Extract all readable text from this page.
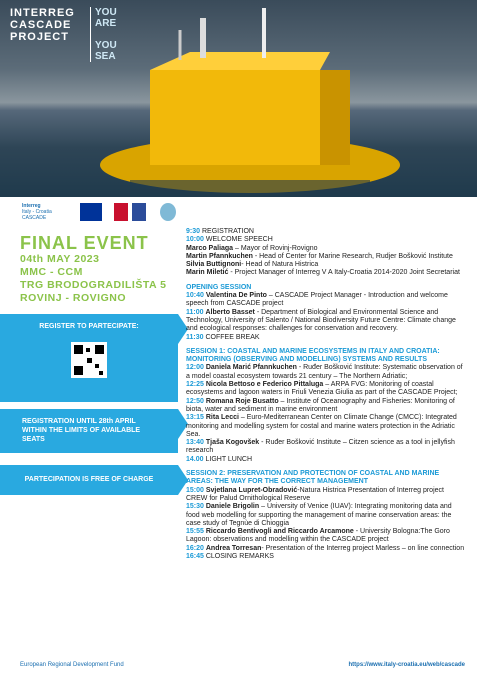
INTERREG
CASCADE
PROJECT
YOU ARE

YOU SEA
Interreg
Italy - Croatia
CASCADE
FINAL EVENT
04th MAY 2023
MMC - CCM
TRG BRODOGRADILIŠTA 5
ROVINJ - ROVIGNO
REGISTER TO PARTECIPATE:
REGISTRATION UNTIL 28th APRIL WITHIN THE LIMITS OF AVAILABLE SEATS
PARTECIPATION IS FREE OF CHARGE
9:30 REGISTRATION
10:00 WELCOME SPEECH
Marco Paliaga – Mayor of Rovinj-Rovigno
Martin Pfannkuchen - Head of Center for Marine Research, Rudjer Bošković Institute
Silvia Buttignoni- Head of Natura Histrica
Marin Miletić - Project Manager of Interreg V A Italy-Croatia 2014-2020 Joint Secretariat
OPENING SESSION
10:40 Valentina De Pinto – CASCADE Project Manager - Introduction and welcome speech from CASCADE project
11:00 Alberto Basset - Department of Biological and Environmental Science and Technology, University of Salento / National Biodiversity Future Centre: Climate change and ecological responses: challenges for conservation and recovery.
11:30 COFFEE BREAK
SESSION 1: COASTAL AND MARINE ECOSYSTEMS IN ITALY AND CROATIA: MONITORING (OBSERVING AND MODELLING) SYSTEMS AND RESULTS
12:00 Daniela Marić Pfannkuchen - Ruđer Bošković Institute: Systematic observation of a model coastal ecosystem towards 21 century – The Northern Adriatic;
12:25 Nicola Bettoso e Federico Pittaluga – ARPA FVG: Monitoring of coastal ecosystems and lagoon waters in Friuli Venezia Giulia as part of the CASCADE Project;
12:50 Romana Roje Busatto – Institute of Oceanography and Fisheries: Monitoring of biota, water and sediment in marine environment
13:15 Rita Lecci – Euro-Mediterranean Center on Climate Change (CMCC): Integrated monitoring and modelling system for costal and marine waters protection in the Adriatic Sea.
13:40 Tjaša Kogovšek - Ruđer Bošković Institute – Citzen science as a tool in jellyfish research
14.00 LIGHT LUNCH
SESSION 2: PRESERVATION AND PROTECTION OF COASTAL AND MARINE AREAS: THE WAY FOR THE CORRECT MANAGEMENT
15:00 Svjetlana Lupret-Obradović-Natura Histrica Presentation of Interreg project CREW for Palud Ornithological Reserve
15:30 Daniele Brigolin – University of Venice (IUAV): Integrating monitoring data and food web modelling for supporting the management of marine conservation areas: the case study of Tegnùe di Chioggia
15:55 Riccardo Bentivogli and Riccardo Arcamone - University Bologna:The Goro Lagoon: observations and modelling within the CASCADE project
16:20 Andrea Torresan- Presentation of the Interreg project Marless – on line connection
16:45 CLOSING REMARKS
European Regional Development Fund	https://www.italy-croatia.eu/web/cascade
